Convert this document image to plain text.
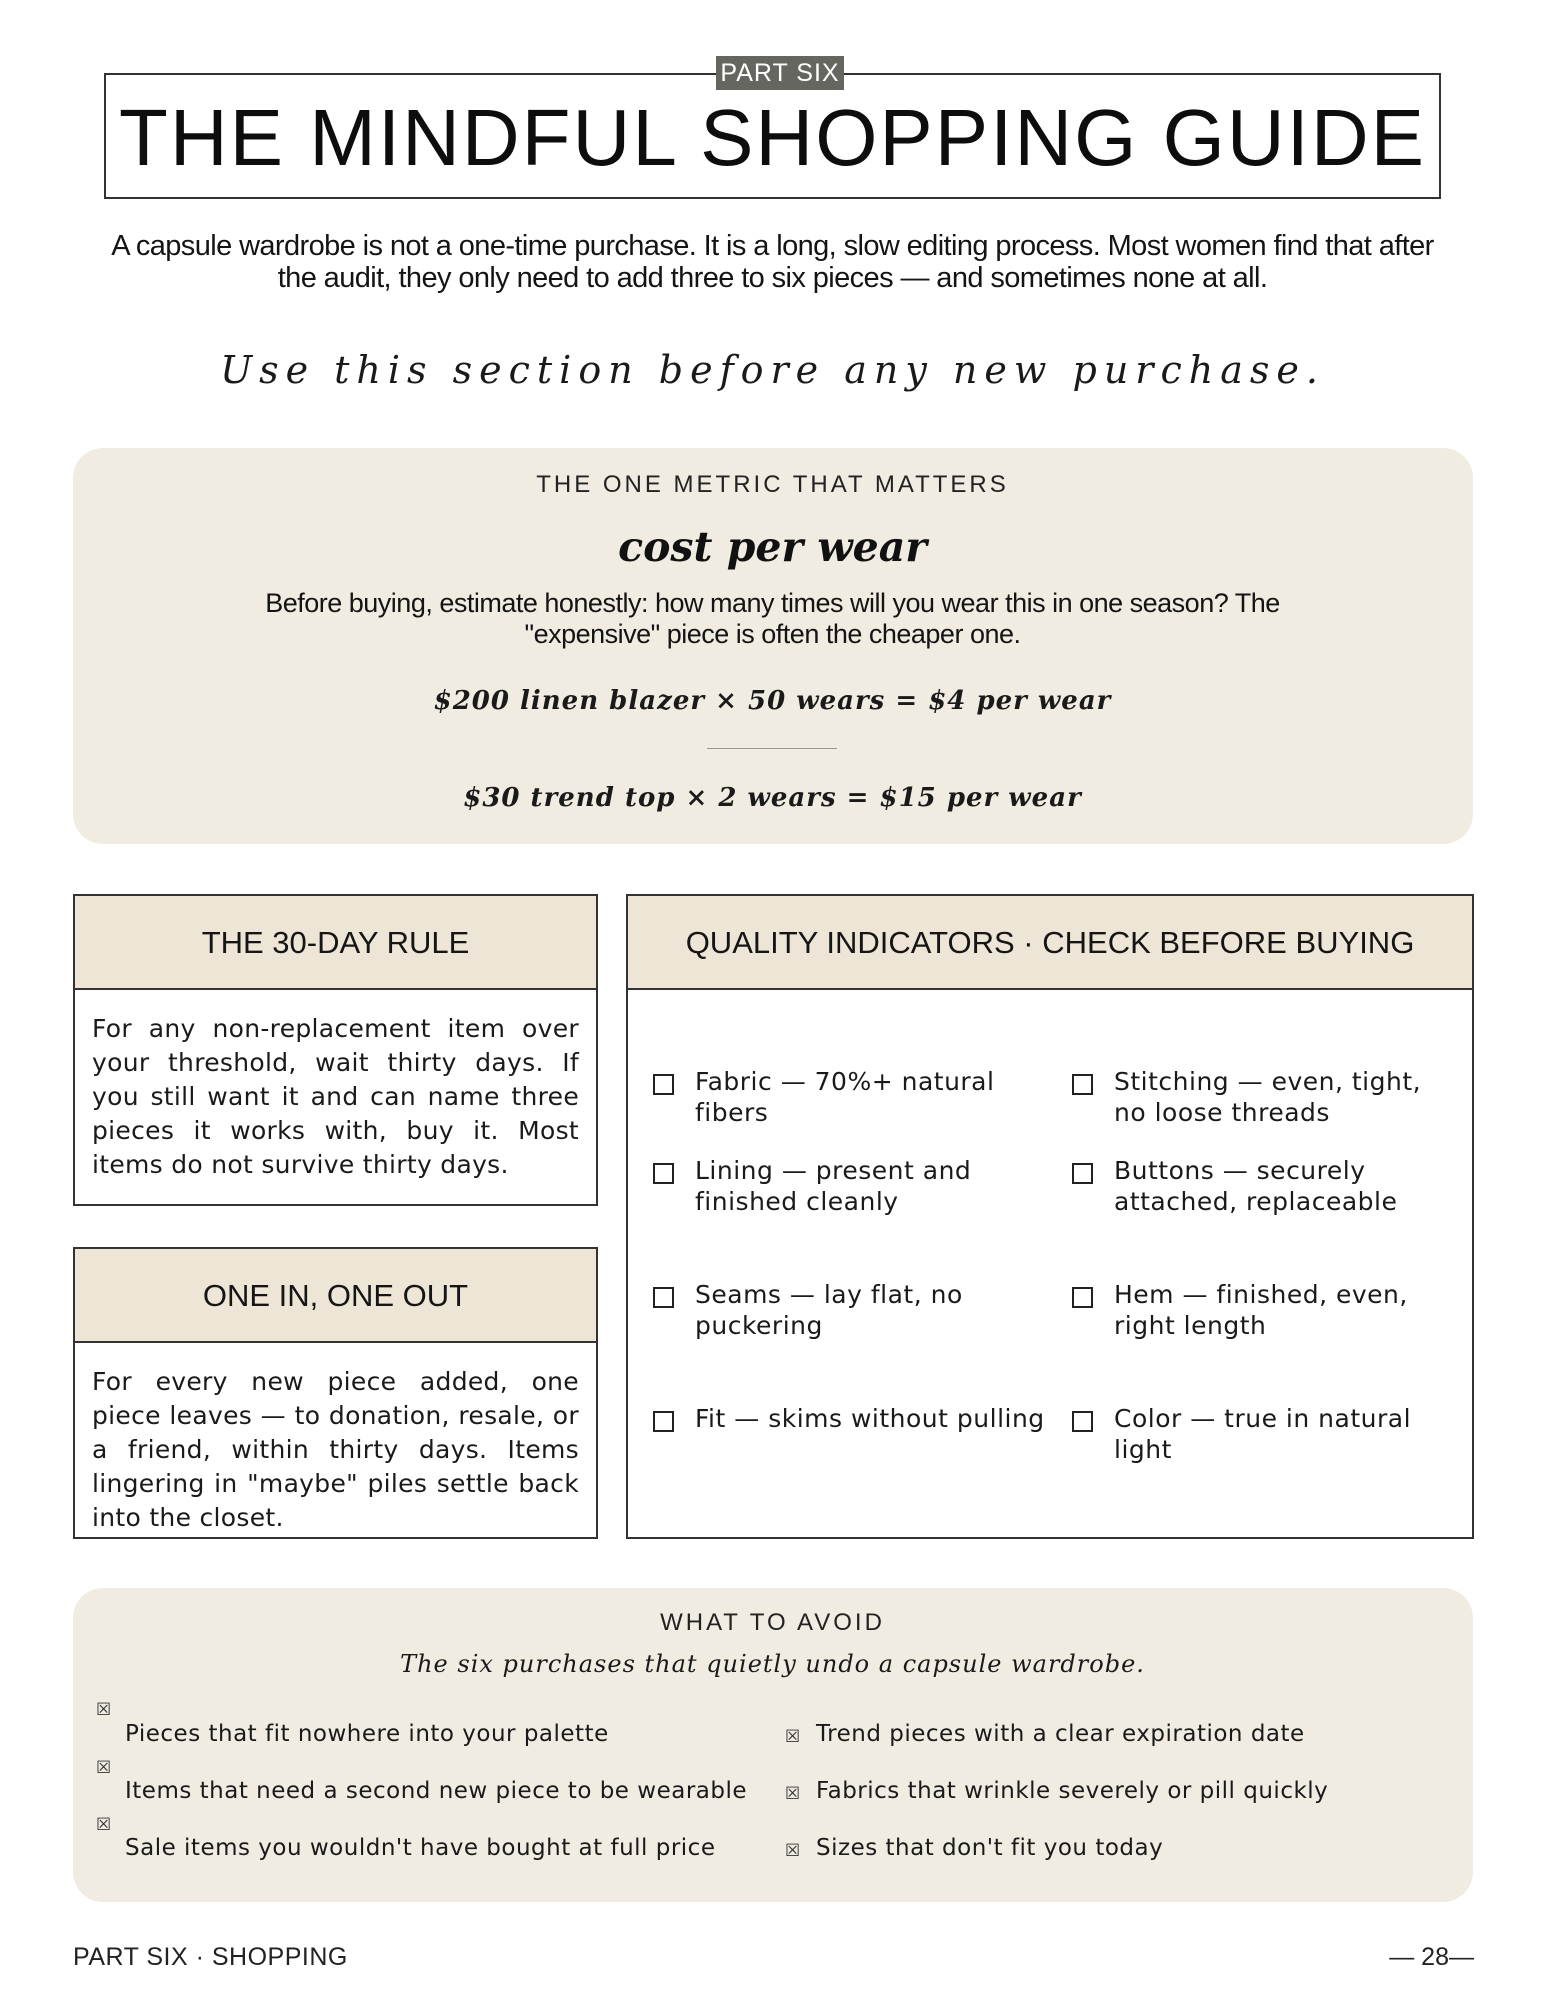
THE MINDFUL SHOPPING GUIDE
PART SIX
A capsule wardrobe is not a one-time purchase. It is a long, slow editing process. Most women find that after the audit, they only need to add three to six pieces — and sometimes none at all.
Use this section before any new purchase.
THE ONE METRIC THAT MATTERS
cost per wear
Before buying, estimate honestly: how many times will you wear this in one season? The "expensive" piece is often the cheaper one.
$200 linen blazer × 50 wears = $4 per wear
$30 trend top × 2 wears = $15 per wear
THE 30-DAY RULE
For any non-replacement item over your threshold, wait thirty days. If you still want it and can name three pieces it works with, buy it. Most items do not survive thirty days.
ONE IN, ONE OUT
For every new piece added, one piece leaves — to donation, resale, or a friend, within thirty days. Items lingering in "maybe" piles settle back into the closet.
QUALITY INDICATORS · CHECK BEFORE BUYING
Fabric — 70%+ natural fibers
Stitching — even, tight, no loose threads
Lining — present and finished cleanly
Buttons — securely attached, replaceable
Seams — lay flat, no puckering
Hem — finished, even, right length
Fit — skims without pulling	Color — true in natural light
WHAT TO AVOID
The six purchases that quietly undo a capsule wardrobe.
☒
Pieces that fit nowhere into your palette	☒ Trend pieces with a clear expiration date
☒
Items that need a second new piece to be wearable ☒ Fabrics that wrinkle severely or pill quickly
☒
Sale items you wouldn't have bought at full price	☒ Sizes that don't fit you today
PART SIX · SHOPPING	— 28—
